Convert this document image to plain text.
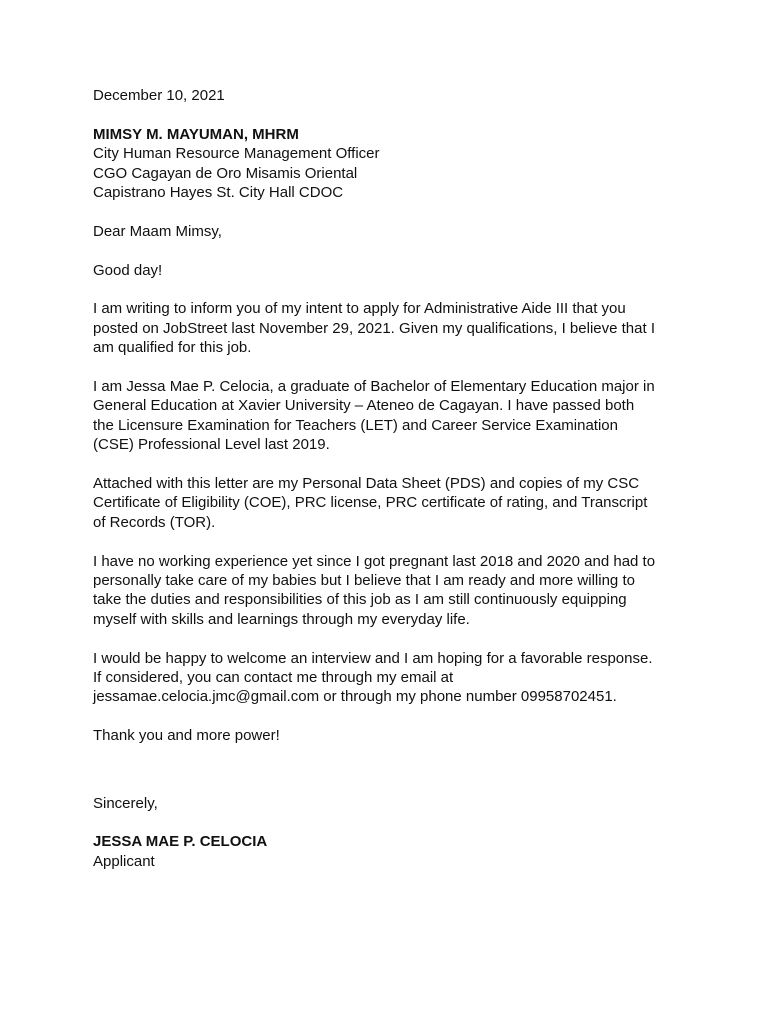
December 10, 2021
MIMSY M. MAYUMAN, MHRM
City Human Resource Management Officer
CGO Cagayan de Oro Misamis Oriental
Capistrano Hayes St. City Hall CDOC
Dear Maam Mimsy,
Good day!
I am writing to inform you of my intent to apply for Administrative Aide III that you
posted on JobStreet last November 29, 2021. Given my qualifications, I believe that I
am qualified for this job.
I am Jessa Mae P. Celocia, a graduate of Bachelor of Elementary Education major in
General Education at Xavier University – Ateneo de Cagayan. I have passed both
the Licensure Examination for Teachers (LET) and Career Service Examination
(CSE) Professional Level last 2019.
Attached with this letter are my Personal Data Sheet (PDS) and copies of my CSC
Certificate of Eligibility (COE), PRC license, PRC certificate of rating, and Transcript
of Records (TOR).
I have no working experience yet since I got pregnant last 2018 and 2020 and had to
personally take care of my babies but I believe that I am ready and more willing to
take the duties and responsibilities of this job as I am still continuously equipping
myself with skills and learnings through my everyday life.
I would be happy to welcome an interview and I am hoping for a favorable response.
If considered, you can contact me through my email at
jessamae.celocia.jmc@gmail.com or through my phone number 09958702451.
Thank you and more power!
Sincerely,
JESSA MAE P. CELOCIA
Applicant
